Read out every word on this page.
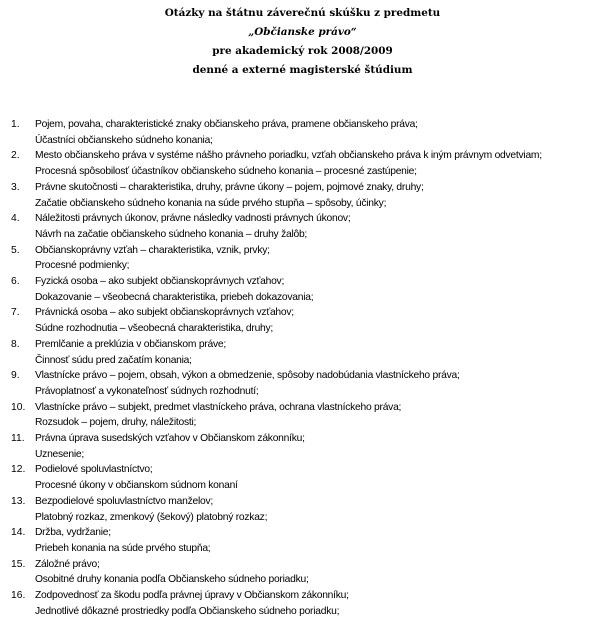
Otázky na štátnu záverečnú skúšku z predmetu
„Občianske právo“
pre akademický rok 2008/2009
denné a externé magisterské štúdium
1. Pojem, povaha, charakteristické znaky občianskeho práva, pramene občianskeho práva;
Účastníci občianskeho súdneho konania;
2. Mesto občianskeho práva v systéme nášho právneho poriadku, vzťah občianskeho práva k iným právnym odvetviam;
Procesná spôsobilosť účastníkov občianskeho súdneho konania – procesné zastúpenie;
3. Právne skutočnosti – charakteristika, druhy, právne úkony – pojem, pojmové znaky, druhy;
Začatie občianskeho súdneho konania na súde prvého stupňa – spôsoby, účinky;
4. Náležitosti právnych úkonov, právne následky vadnosti právnych úkonov;
Návrh na začatie občianskeho súdneho konania – druhy žalôb;
5. Občianskoprávny vzťah – charakteristika, vznik, prvky;
Procesné podmienky;
6. Fyzická osoba – ako subjekt občianskoprávnych vzťahov;
Dokazovanie – všeobecná charakteristika, priebeh dokazovania;
7. Právnická osoba – ako subjekt občianskoprávnych vzťahov;
Súdne rozhodnutia – všeobecná charakteristika, druhy;
8. Premlčanie a preklúzia v občianskom práve;
Činnosť súdu pred začatím konania;
9. Vlastnícke právo – pojem, obsah, výkon a obmedzenie, spôsoby nadobúdania vlastníckeho práva;
Právoplatnosť a vykonateľnosť súdnych rozhodnutí;
10. Vlastnícke právo – subjekt, predmet vlastníckeho práva, ochrana vlastníckeho práva;
Rozsudok – pojem, druhy, náležitosti;
11. Právna úprava susedských vzťahov v Občianskom zákonníku;
Uznesenie;
12. Podielové spoluvlastníctvo;
Procesné úkony v občianskom súdnom konaní
13. Bezpodielové spoluvlastníctvo manželov;
Platobný rozkaz, zmenkový (šekový) platobný rozkaz;
14. Držba, vydržanie;
Priebeh konania na súde prvého stupňa;
15. Záložné právo;
Osobitné druhy konania podľa Občianskeho súdneho poriadku;
16. Zodpovednosť za škodu podľa právnej úpravy v Občianskom zákonníku;
Jednotlivé dôkazné prostriedky podľa Občianskeho súdneho poriadku;
